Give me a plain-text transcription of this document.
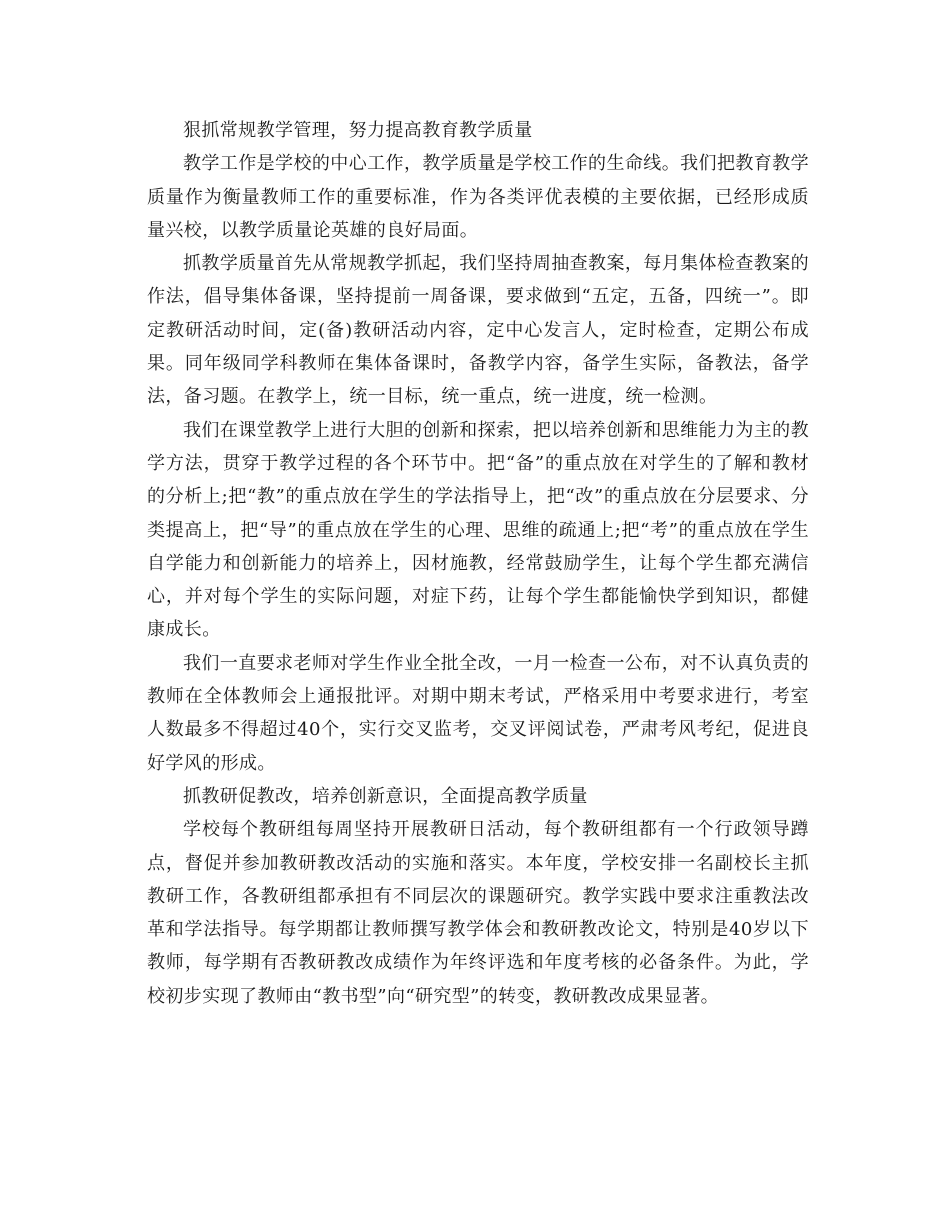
狠抓常规教学管理，努力提高教育教学质量

教学工作是学校的中心工作，教学质量是学校工作的生命线。我们把教育教学质量作为衡量教师工作的重要标准，作为各类评优表模的主要依据，已经形成质量兴校，以教学质量论英雄的良好局面。

抓教学质量首先从常规教学抓起，我们坚持周抽查教案，每月集体检查教案的作法，倡导集体备课，坚持提前一周备课，要求做到“五定，五备，四统一”。即定教研活动时间，定(备)教研活动内容，定中心发言人，定时检查，定期公布成果。同年级同学科教师在集体备课时，备教学内容，备学生实际，备教法，备学法，备习题。在教学上，统一目标，统一重点，统一进度，统一检测。

我们在课堂教学上进行大胆的创新和探索，把以培养创新和思维能力为主的教学方法，贯穿于教学过程的各个环节中。把“备”的重点放在对学生的了解和教材的分析上;把“教”的重点放在学生的学法指导上，把“改”的重点放在分层要求、分类提高上，把“导”的重点放在学生的心理、思维的疏通上;把“考”的重点放在学生自学能力和创新能力的培养上，因材施教，经常鼓励学生，让每个学生都充满信心，并对每个学生的实际问题，对症下药，让每个学生都能愉快学到知识，都健康成长。

我们一直要求老师对学生作业全批全改，一月一检查一公布，对不认真负责的教师在全体教师会上通报批评。对期中期末考试，严格采用中考要求进行，考室人数最多不得超过40个，实行交叉监考，交叉评阅试卷，严肃考风考纪，促进良好学风的形成。

抓教研促教改，培养创新意识，全面提高教学质量

学校每个教研组每周坚持开展教研日活动，每个教研组都有一个行政领导蹲点，督促并参加教研教改活动的实施和落实。本年度，学校安排一名副校长主抓教研工作，各教研组都承担有不同层次的课题研究。教学实践中要求注重教法改革和学法指导。每学期都让教师撰写教学体会和教研教改论文，特别是40岁以下教师，每学期有否教研教改成绩作为年终评选和年度考核的必备条件。为此，学校初步实现了教师由“教书型”向“研究型”的转变，教研教改成果显著。
